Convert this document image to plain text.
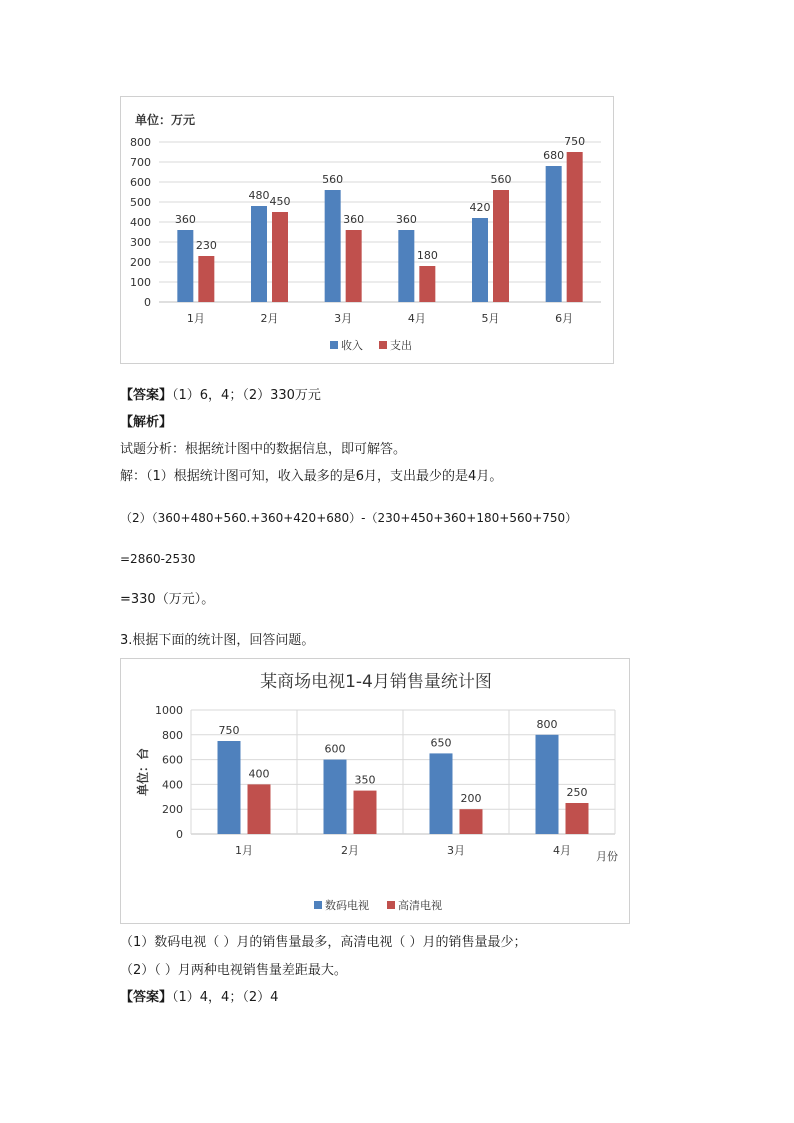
单位：万元
0
100
200
300
400
500
600
700
800
360
230
1月
480 450
2月
560
360
3月
360
180
4月
420
560
5月
680
750
6月
收入 支出
【答案】（1）6，4；（2）330万元
【解析】
试题分析：根据统计图中的数据信息，即可解答。
解：（1）根据统计图可知，收入最多的是6月，支出最少的是4月。
（2）（360+480+560.+360+420+680）-（230+450+360+180+560+750）
=2860-2530
=330（万元）。
3.根据下面的统计图，回答问题。
某商场电视1-4月销售量统计图
0
200
400
600
800
1000
750
400
1月
600
350
2月
650
200
3月
800
250
4月
单位：台
月份
数码电视	高清电视
（1）数码电视（ ）月的销售量最多，高清电视（ ）月的销售量最少；
（2）（ ）月两种电视销售量差距最大。
【答案】（1）4，4；（2）4
